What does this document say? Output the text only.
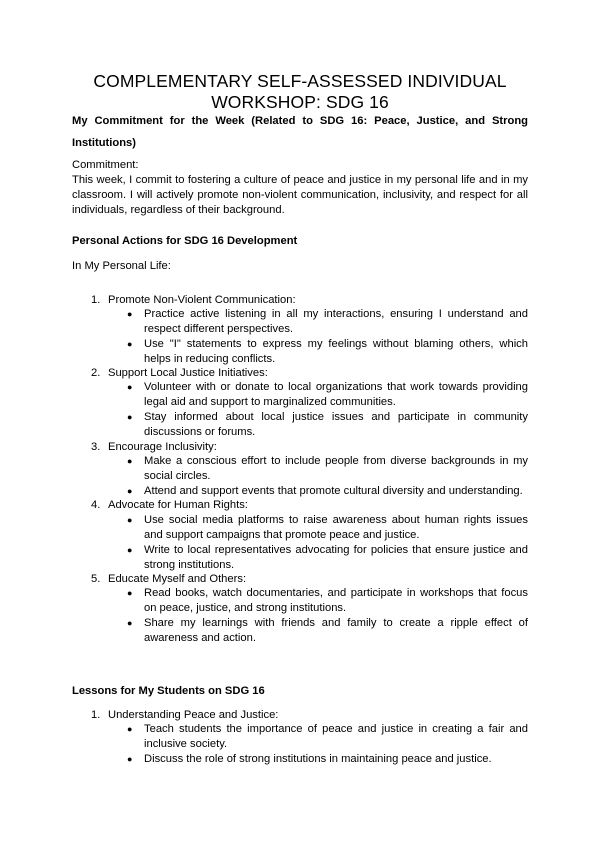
COMPLEMENTARY SELF-ASSESSED INDIVIDUAL
WORKSHOP: SDG 16
My Commitment for the Week (Related to SDG 16: Peace, Justice, and Strong Institutions)
Commitment:
This week, I commit to fostering a culture of peace and justice in my personal life and in my classroom. I will actively promote non-violent communication, inclusivity, and respect for all individuals, regardless of their background.
Personal Actions for SDG 16 Development
In My Personal Life:
1. Promote Non-Violent Communication:
● Practice active listening in all my interactions, ensuring I understand and respect different perspectives.
● Use "I" statements to express my feelings without blaming others, which helps in reducing conflicts.
2. Support Local Justice Initiatives:
● Volunteer with or donate to local organizations that work towards providing legal aid and support to marginalized communities.
● Stay informed about local justice issues and participate in community discussions or forums.
3. Encourage Inclusivity:
● Make a conscious effort to include people from diverse backgrounds in my social circles.
● Attend and support events that promote cultural diversity and understanding.
4. Advocate for Human Rights:
● Use social media platforms to raise awareness about human rights issues and support campaigns that promote peace and justice.
● Write to local representatives advocating for policies that ensure justice and strong institutions.
5. Educate Myself and Others:
● Read books, watch documentaries, and participate in workshops that focus on peace, justice, and strong institutions.
● Share my learnings with friends and family to create a ripple effect of awareness and action.
Lessons for My Students on SDG 16
1. Understanding Peace and Justice:
● Teach students the importance of peace and justice in creating a fair and inclusive society.
● Discuss the role of strong institutions in maintaining peace and justice.
